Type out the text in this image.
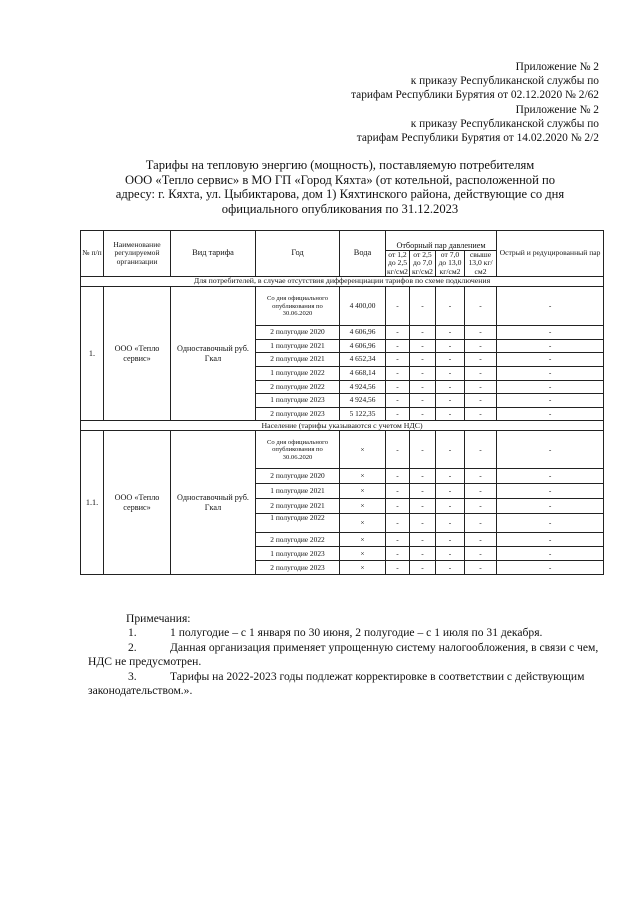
Приложение № 2
к приказу Республиканской службы по
тарифам Республики Бурятия от 02.12.2020 № 2/62
Приложение № 2
к приказу Республиканской службы по
тарифам Республики Бурятия от 14.02.2020 № 2/2
Тарифы на тепловую энергию (мощность), поставляемую потребителям
ООО «Тепло сервис» в МО ГП «Город Кяхта» (от котельной, расположенной по
адресу: г. Кяхта, ул. Цыбиктарова, дом 1) Кяхтинского района, действующие со дня
официального опубликования по 31.12.2023
№ п/п	Наименование регулируемой организации	Вид тарифа	Год	Вода	Отборный пар давлением				Острый и редуцированный пар
					от 1,2 до 2,5 кг/см2	от 2,5 до 7,0 кг/см2	от 7,0 до 13,0 кг/см2	свыше 13,0 кг/см2	
Для потребителей, в случае отсутствия дифференциации тарифов по схеме подключения									
1.	ООО «Тепло сервис»	Одноставочный руб. Гкал	Со дня официального опубликования по 30.06.2020	4 400,00	-	-	-	-	-
			2 полугодие 2020	4 606,96	-	-	-	-	-
			1 полугодие 2021	4 606,96	-	-	-	-	-
			2 полугодие 2021	4 652,34	-	-	-	-	-
			1 полугодие 2022	4 668,14	-	-	-	-	-
			2 полугодие 2022	4 924,56	-	-	-	-	-
			1 полугодие 2023	4 924,56	-	-	-	-	-
			2 полугодие 2023	5 122,35	-	-	-	-	-
Население (тарифы указываются с учетом НДС)									
1.1.	ООО «Тепло сервис»	Одноставочный руб. Гкал	Со дня официального опубликования по 30.06.2020	×	-	-	-	-	-
			2 полугодие 2020	×	-	-	-	-	-
			1 полугодие 2021	×	-	-	-	-	-
			2 полугодие 2021	×	-	-	-	-	-
			1 полугодие 2022	×	-	-	-	-	-
			2 полугодие 2022	×	-	-	-	-	-
			1 полугодие 2023	×	-	-	-	-	-
			2 полугодие 2023	×	-	-	-	-	-
Примечания:
1.	1 полугодие – с 1 января по 30 июня, 2 полугодие – с 1 июля по 31 декабря.
2.	Данная организация применяет упрощенную систему налогообложения, в связи с чем, НДС не предусмотрен.
3.	Тарифы на 2022-2023 годы подлежат корректировке в соответствии с действующим законодательством.».
